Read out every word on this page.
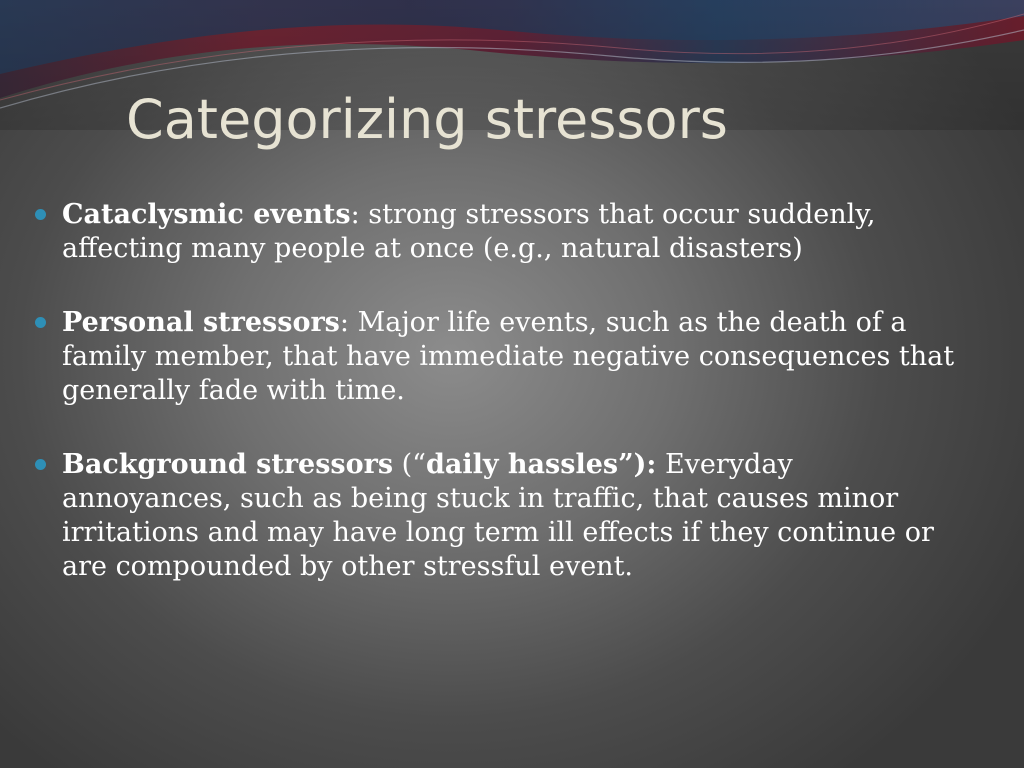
Categorizing stressors
Cataclysmic events: strong stressors that occur suddenly, affecting many people at once (e.g., natural disasters)
Personal stressors: Major life events, such as the death of a family member, that have immediate negative consequences that generally fade with time.
Background stressors (“daily hassles”): Everyday annoyances, such as being stuck in traffic, that causes minor irritations and may have long term ill effects if they continue or are compounded by other stressful event.
